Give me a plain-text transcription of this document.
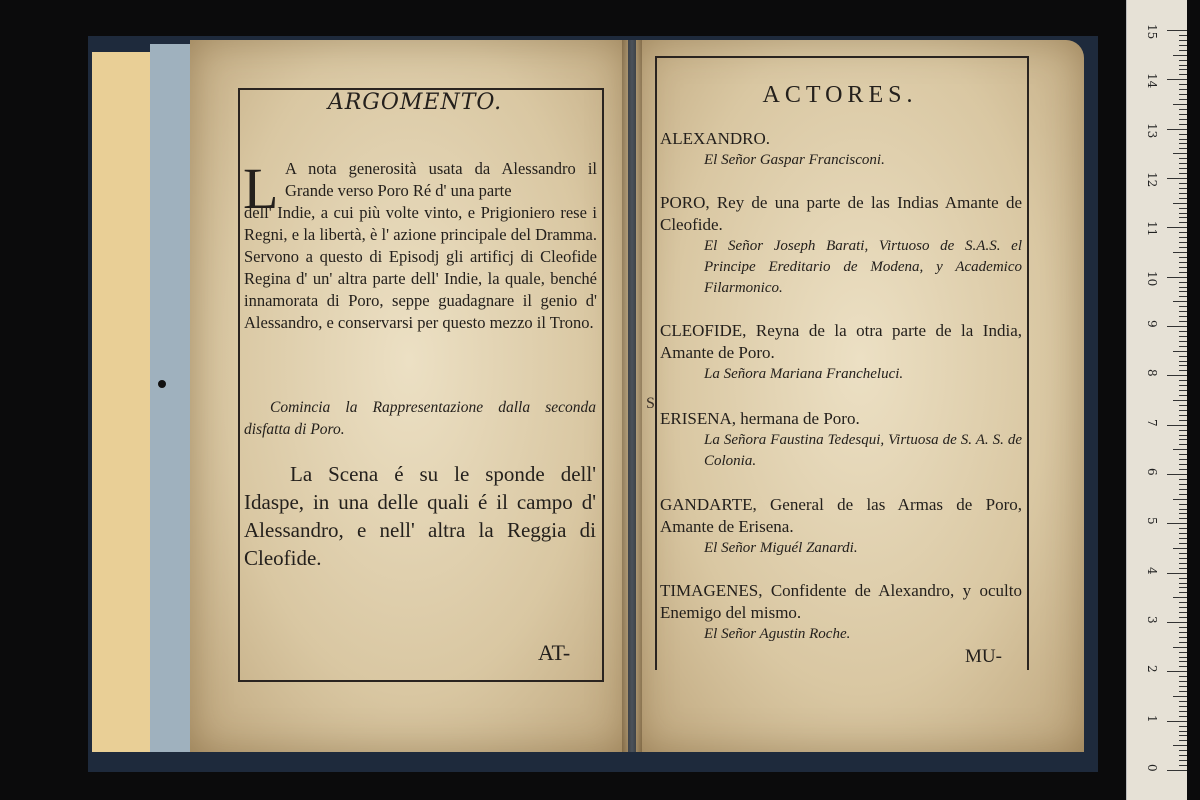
ARGOMENTO.
L A nota generosità usata da Alessandro il Grande verso Poro Ré d' una parte
dell' Indie, a cui più volte vinto, e Prigioniero rese i Regni, e la libertà, è l' azione principale del Dramma. Servono a questo di Episodj gli artificj di Cleofide Regina d' un' altra parte dell' Indie, la quale, benché innamorata di Poro, seppe guadagnare il genio d' Alessandro, e conservarsi per questo mezzo il Trono.
Comincia la Rappresentazione dalla seconda disfatta di Poro.
La Scena é su le sponde dell' Idaspe, in una delle quali é il campo d' Alessandro, e nell' altra la Reggia di Cleofide.
AT-
ACTORES.
S
ALEXANDRO.
El Señor Gaspar Francisconi.
PORO, Rey de una parte de las Indias Amante de Cleofide.
El Señor Joseph Barati, Virtuoso de S.A.S. el Principe Ereditario de Modena, y Academico Filarmonico.
CLEOFIDE, Reyna de la otra parte de la India, Amante de Poro.
La Señora Mariana Francheluci.
ERISENA, hermana de Poro.
La Señora Faustina Tedesqui, Virtuosa de S. A. S. de Colonia.
GANDARTE, General de las Armas de Poro, Amante de Erisena.
El Señor Miguél Zanardi.
TIMAGENES, Confidente de Alexandro, y oculto Enemigo del mismo.
El Señor Agustin Roche.
MU-
0
1
2
3
4
5
6
7
8
9
10
11
12
13
14
15
